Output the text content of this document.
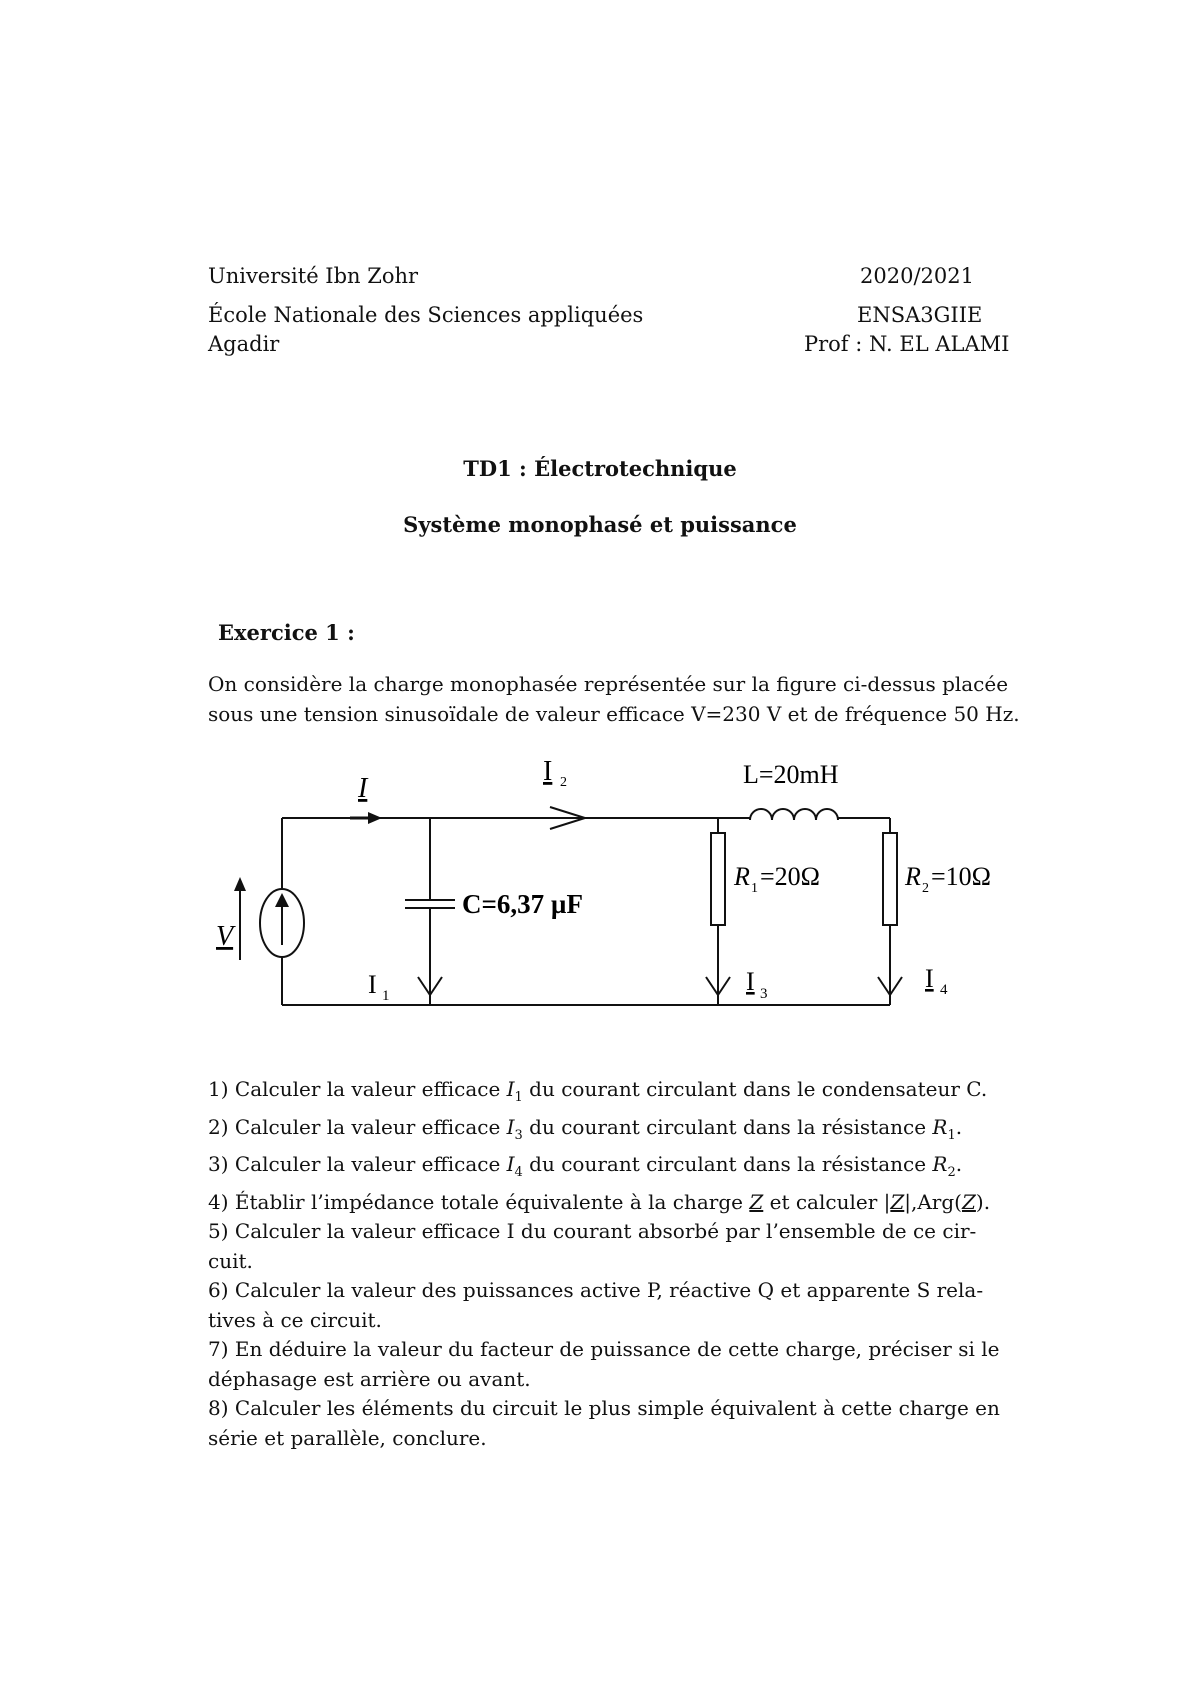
Université Ibn Zohr
École Nationale des Sciences appliquées
Agadir
2020/2021
ENSA3GIIE
Prof : N. EL ALAMI
TD1 : Électrotechnique
Système monophasé et puissance
Exercice 1 :
On considère la charge monophasée représentée sur la figure ci-dessus placée
sous une tension sinusoïdale de valeur efficace V=230 V et de fréquence 50 Hz.
V
I
I 2
I 1
C=6,37 µF
L=20mH
R 1 =20Ω	R 2 =10Ω
I 3
I 4
1) Calculer la valeur efficace $I_1$ du courant circulant dans le condensateur C.
2) Calculer la valeur efficace $I_3$ du courant circulant dans la résistance $R_1$.
3) Calculer la valeur efficace $I_4$ du courant circulant dans la résistance $R_2$.
4) Établir l’impédance totale équivalente à la charge Z et calculer |Z|,Arg(Z).
5) Calculer la valeur efficace I du courant absorbé par l’ensemble de ce cir-
cuit.
6) Calculer la valeur des puissances active P, réactive Q et apparente S rela-
tives à ce circuit.
7) En déduire la valeur du facteur de puissance de cette charge, préciser si le
déphasage est arrière ou avant.
8) Calculer les éléments du circuit le plus simple équivalent à cette charge en
série et parallèle, conclure.
